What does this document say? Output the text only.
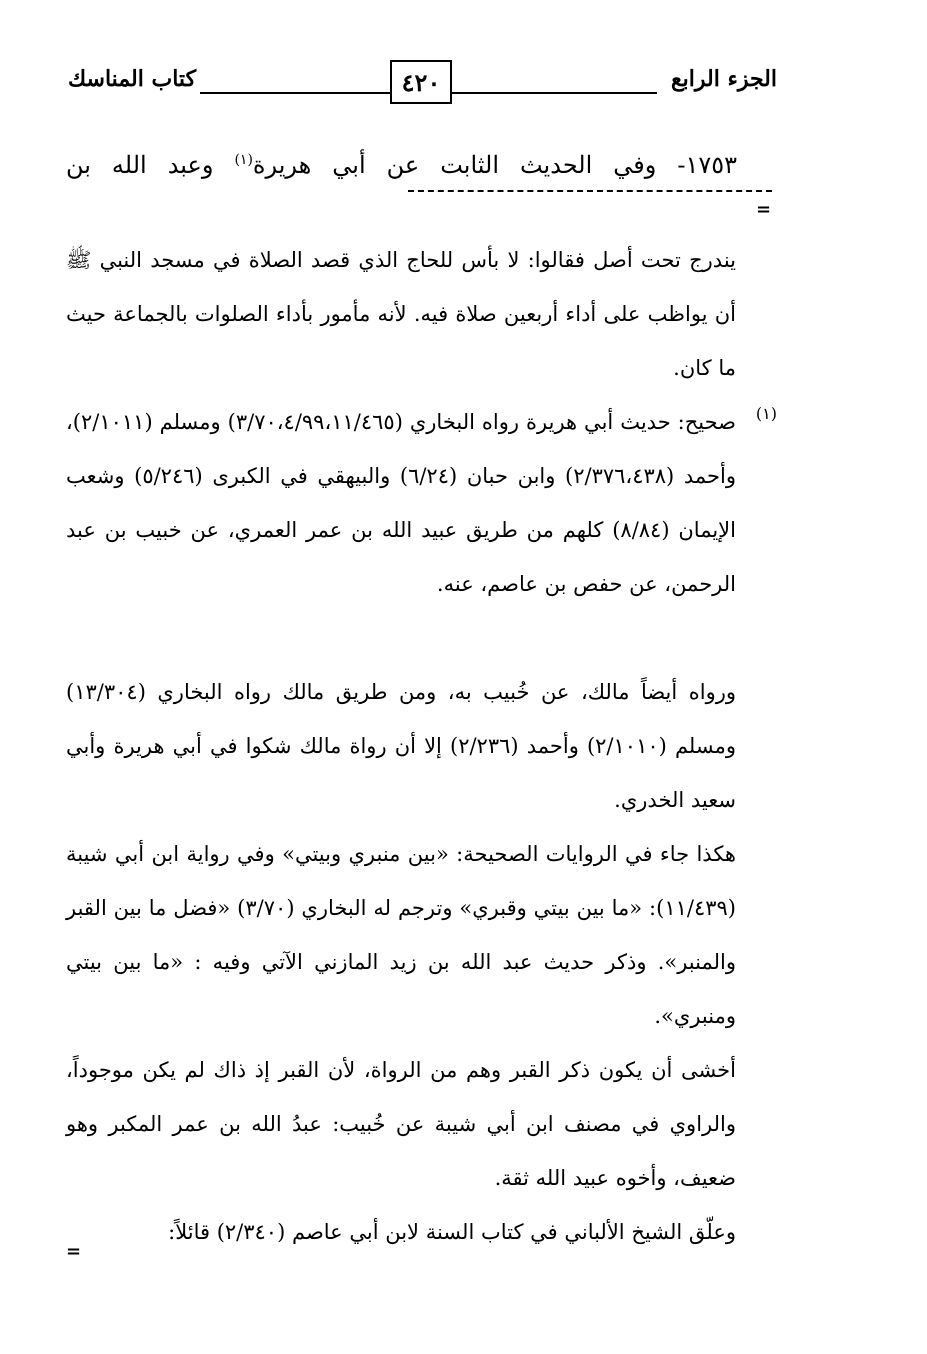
الجزء الرابع
٤٢٠
كتاب المناسك
١٧٥٣- وفي الحديث الثابت عن أبي هريرة$^{(١)}$ وعبد الله بن
=
يندرج تحت أصل فقالوا: لا بأس للحاج الذي قصد الصلاة في مسجد النبي ﷺ أن يواظب على أداء أربعين صلاة فيه. لأنه مأمور بأداء الصلوات بالجماعة حيث ما كان.
(١)
صحيح: حديث أبي هريرة رواه البخاري (٣/٧٠،٤/٩٩،١١/٤٦٥) ومسلم (٢/١٠١١)، وأحمد (٢/٣٧٦،٤٣٨) وابن حبان (٦/٢٤) والبيهقي في الكبرى (٥/٢٤٦) وشعب الإيمان (٨/٨٤) كلهم من طريق عبيد الله بن عمر العمري، عن خبيب بن عبد الرحمن، عن حفص بن عاصم، عنه.
ورواه أيضاً مالك، عن خُبيب به، ومن طريق مالك رواه البخاري (١٣/٣٠٤) ومسلم (٢/١٠١٠) وأحمد (٢/٢٣٦) إلا أن رواة مالك شكوا في أبي هريرة وأبي سعيد الخدري.
هكذا جاء في الروايات الصحيحة: «بين منبري وبيتي» وفي رواية ابن أبي شيبة (١١/٤٣٩): «ما بين بيتي وقبري» وترجم له البخاري (٣/٧٠) «فضل ما بين القبر والمنبر». وذكر حديث عبد الله بن زيد المازني الآتي وفيه : «ما بين بيتي ومنبري».
أخشى أن يكون ذكر القبر وهم من الرواة، لأن القبر إذ ذاك لم يكن موجوداً، والراوي في مصنف ابن أبي شيبة عن خُبيب: عبدُ الله بن عمر المكبر وهو ضعيف، وأخوه عبيد الله ثقة.
وعلّق الشيخ الألباني في كتاب السنة لابن أبي عاصم (٢/٣٤٠) قائلاً:
=
